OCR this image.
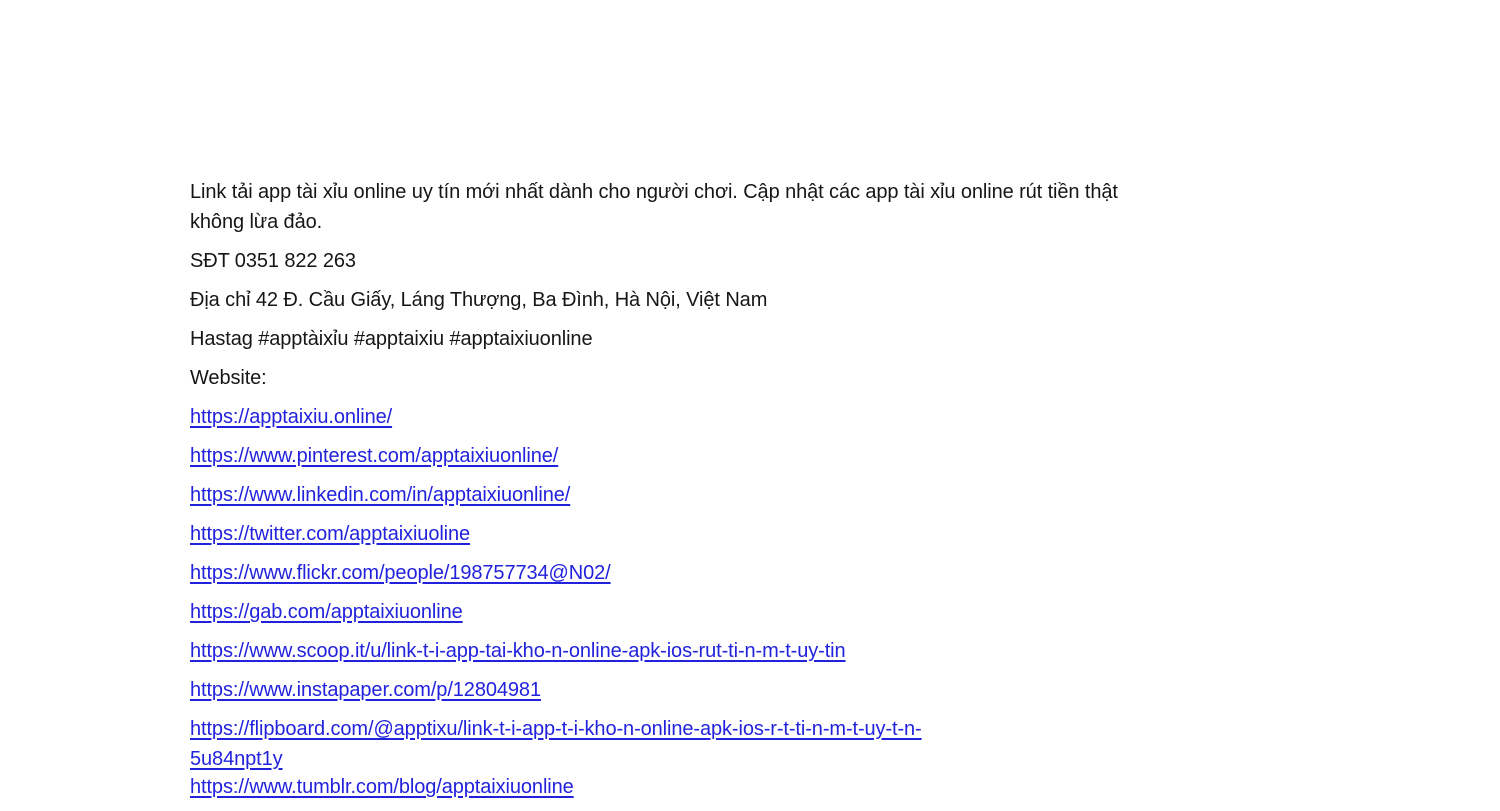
Link tải app tài xỉu online uy tín mới nhất dành cho người chơi. Cập nhật các app tài xỉu online rút tiền thật
không lừa đảo.

SĐT 0351 822 263

Địa chỉ 42 Đ. Cầu Giấy, Láng Thượng, Ba Đình, Hà Nội, Việt Nam

Hastag #apptàixỉu #apptaixiu #apptaixiuonline

Website:

https://apptaixiu.online/

https://www.pinterest.com/apptaixiuonline/

https://www.linkedin.com/in/apptaixiuonline/

https://twitter.com/apptaixiuoline

https://www.flickr.com/people/198757734@N02/

https://gab.com/apptaixiuonline

https://www.scoop.it/u/link-t-i-app-tai-kho-n-online-apk-ios-rut-ti-n-m-t-uy-tin

https://www.instapaper.com/p/12804981

https://flipboard.com/@apptixu/link-t-i-app-t-i-kho-n-online-apk-ios-r-t-ti-n-m-t-uy-t-n-
5u84npt1y

https://www.tumblr.com/blog/apptaixiuonline
